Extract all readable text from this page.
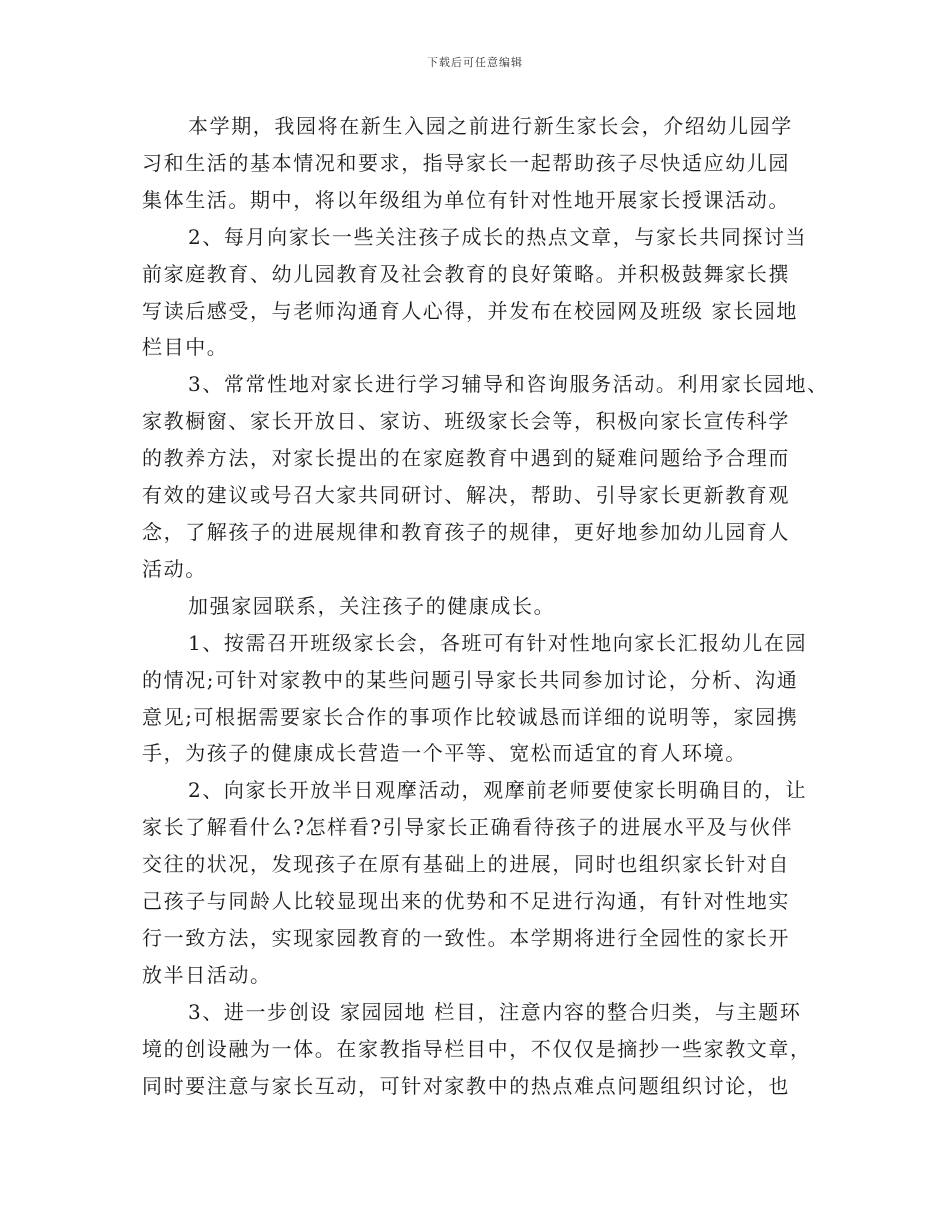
下载后可任意编辑
本学期，我园将在新生入园之前进行新生家长会，介绍幼儿园学
习和生活的基本情况和要求，指导家长一起帮助孩子尽快适应幼儿园
集体生活。期中，将以年级组为单位有针对性地开展家长授课活动。
2、每月向家长一些关注孩子成长的热点文章，与家长共同探讨当
前家庭教育、幼儿园教育及社会教育的良好策略。并积极鼓舞家长撰
写读后感受，与老师沟通育人心得，并发布在校园网及班级 家长园地
栏目中。
3、常常性地对家长进行学习辅导和咨询服务活动。利用家长园地、
家教橱窗、家长开放日、家访、班级家长会等，积极向家长宣传科学
的教养方法，对家长提出的在家庭教育中遇到的疑难问题给予合理而
有效的建议或号召大家共同研讨、解决，帮助、引导家长更新教育观
念，了解孩子的进展规律和教育孩子的规律，更好地参加幼儿园育人
活动。
加强家园联系，关注孩子的健康成长。
1、按需召开班级家长会，各班可有针对性地向家长汇报幼儿在园
的情况;可针对家教中的某些问题引导家长共同参加讨论，分析、沟通
意见;可根据需要家长合作的事项作比较诚恳而详细的说明等，家园携
手，为孩子的健康成长营造一个平等、宽松而适宜的育人环境。
2、向家长开放半日观摩活动，观摩前老师要使家长明确目的，让
家长了解看什么?怎样看?引导家长正确看待孩子的进展水平及与伙伴
交往的状况，发现孩子在原有基础上的进展，同时也组织家长针对自
己孩子与同龄人比较显现出来的优势和不足进行沟通，有针对性地实
行一致方法，实现家园教育的一致性。本学期将进行全园性的家长开
放半日活动。
3、进一步创设 家园园地 栏目，注意内容的整合归类，与主题环
境的创设融为一体。在家教指导栏目中，不仅仅是摘抄一些家教文章，
同时要注意与家长互动，可针对家教中的热点难点问题组织讨论，也
